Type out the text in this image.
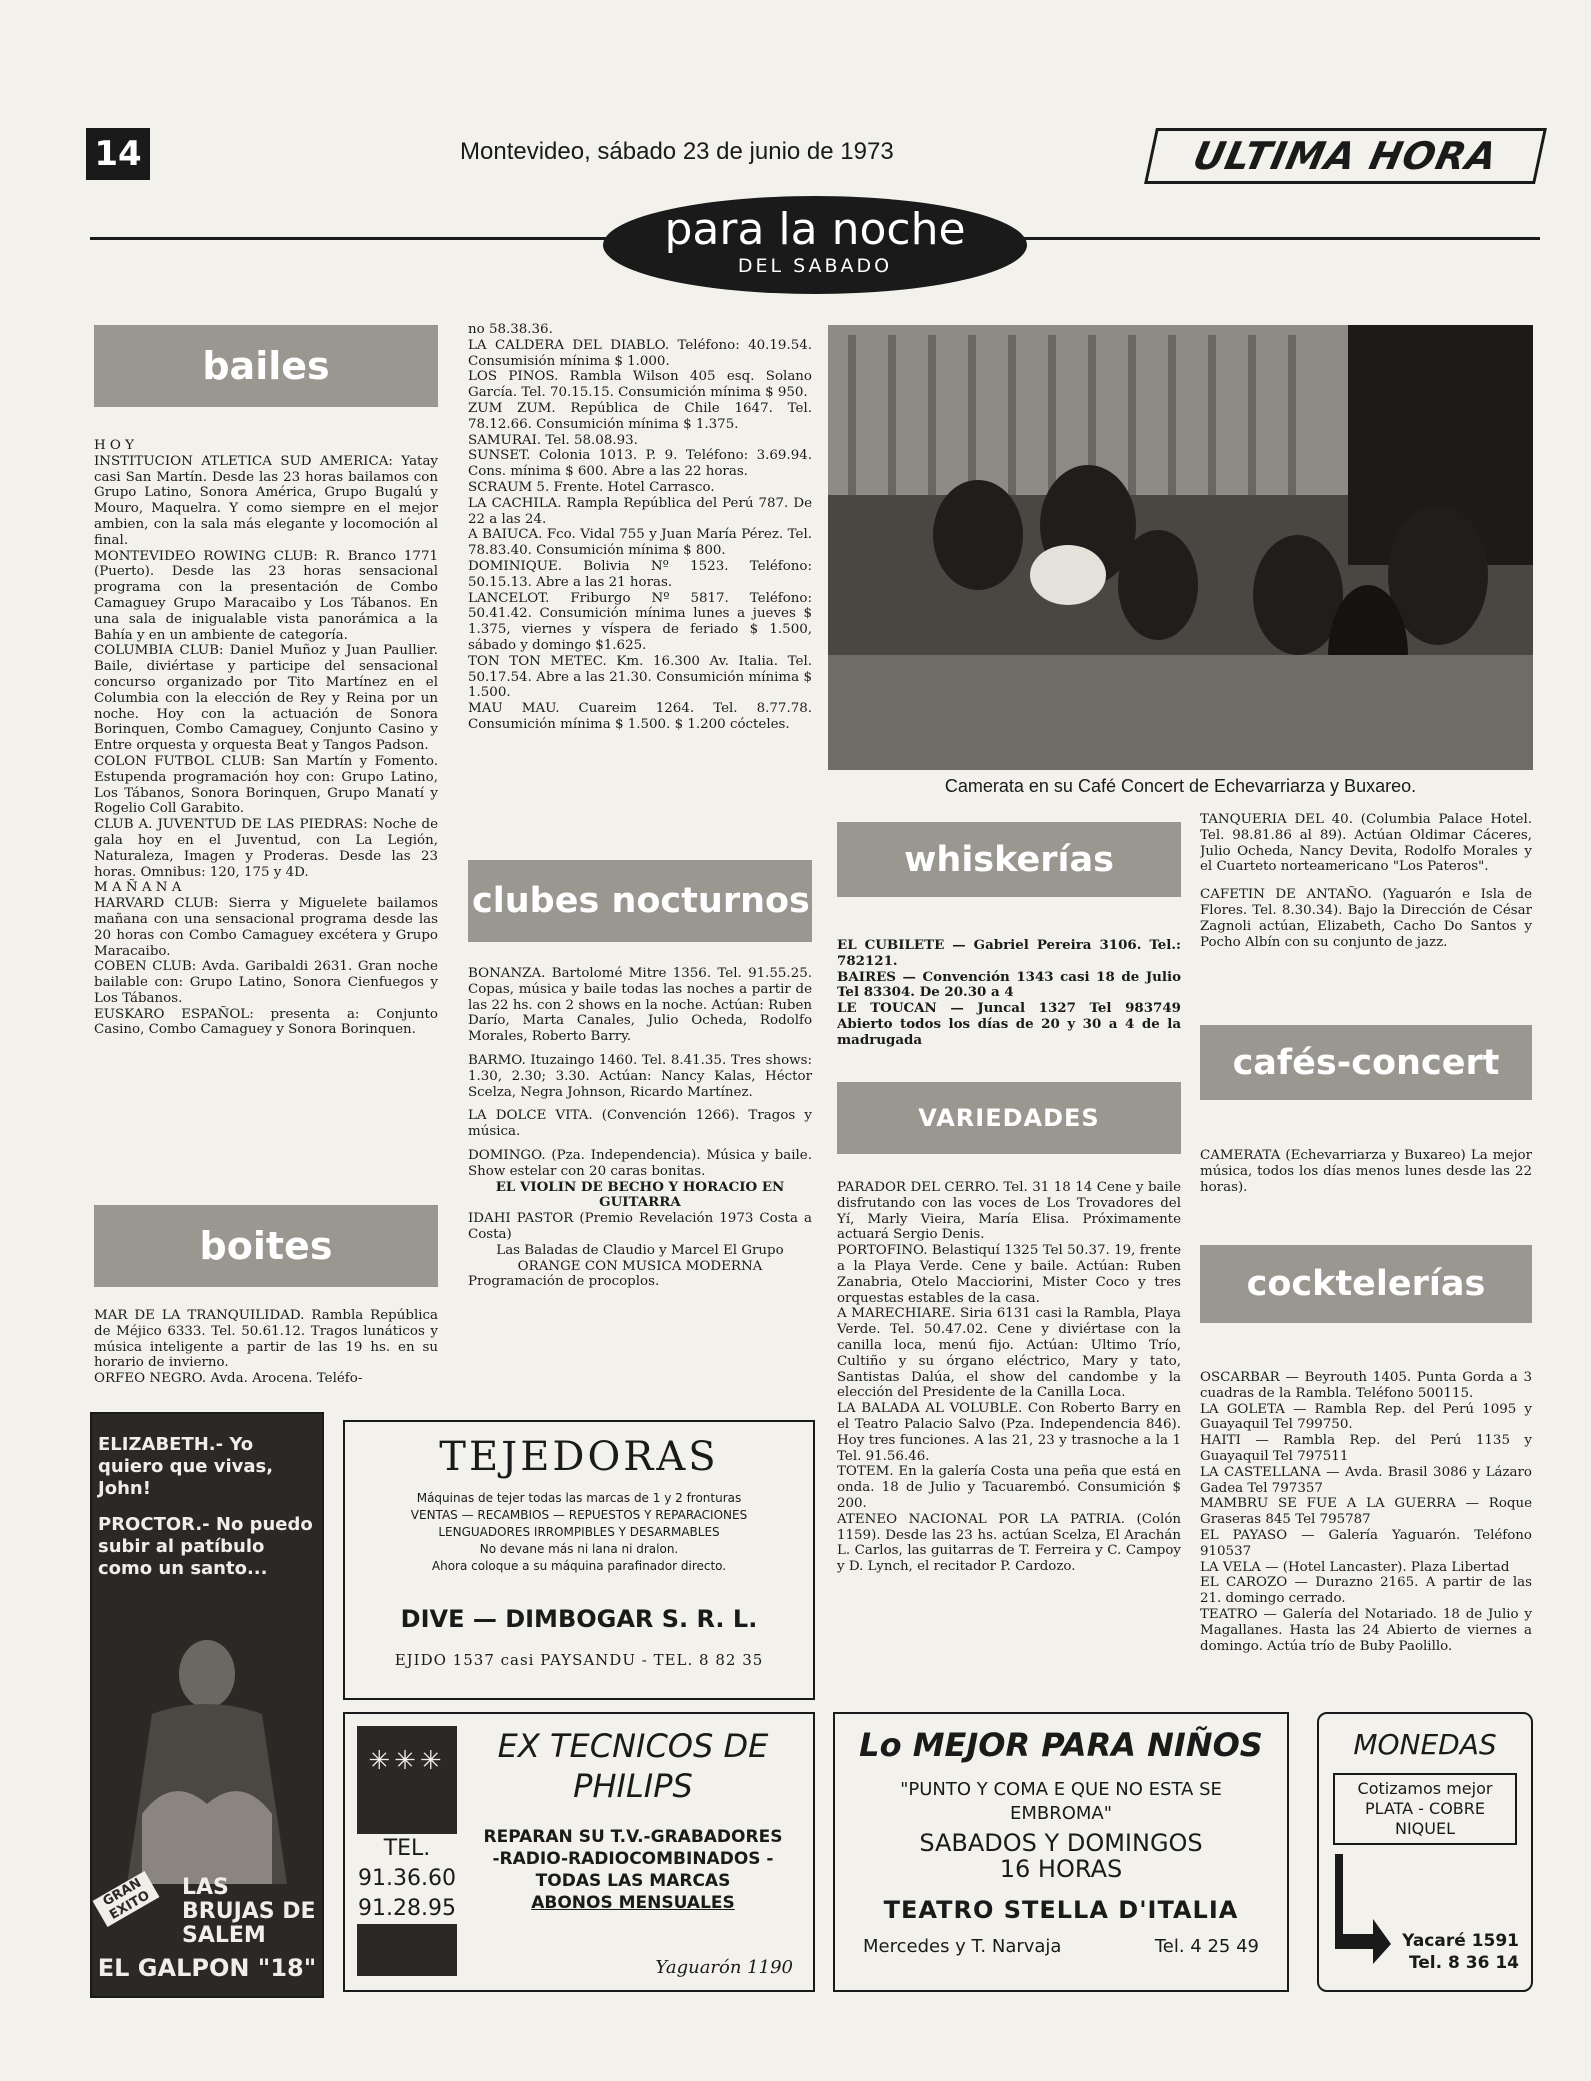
14	Montevideo, sábado 23 de junio de 1973	ULTIMA HORA
para la noche
DEL SABADO
bailes
boites
clubes nocturnos
whiskerías
VARIEDADES
cafés-concert
cocktelerías

H O Y

INSTITUCION ATLETICA SUD AMERICA: Yatay casi San Martín. Desde las 23 horas bailamos con Grupo Latino, Sonora América, Grupo Bugalú y Mouro, Maquelra. Y como siempre en el mejor ambien, con la sala más elegante y locomoción al final.

MONTEVIDEO ROWING CLUB: R. Branco 1771 (Puerto). Desde las 23 horas sensacional programa con la presentación de Combo Camaguey Grupo Maracaibo y Los Tábanos. En una sala de inigualable vista panorámica a la Bahía y en un ambiente de categoría.

COLUMBIA CLUB: Daniel Muñoz y Juan Paullier. Baile, diviértase y participe del sensacional concurso organizado por Tito Martínez en el Columbia con la elección de Rey y Reina por un noche. Hoy con la actuación de Sonora Borinquen, Combo Camaguey, Conjunto Casino y Entre orquesta y orquesta Beat y Tangos Padson.

COLON FUTBOL CLUB: San Martín y Fomento. Estupenda programación hoy con: Grupo Latino, Los Tábanos, Sonora Borinquen, Grupo Manatí y Rogelio Coll Garabito.

CLUB A. JUVENTUD DE LAS PIEDRAS: Noche de gala hoy en el Juventud, con La Legión, Naturaleza, Imagen y Proderas. Desde las 23 horas. Omnibus: 120, 175 y 4D.

M A Ñ A N A

HARVARD CLUB: Sierra y Miguelete bailamos mañana con una sensacional programa desde las 20 horas con Combo Camaguey excétera y Grupo Maracaibo.

COBEN CLUB: Avda. Garibaldi 2631. Gran noche bailable con: Grupo Latino, Sonora Cienfuegos y Los Tábanos.

EUSKARO ESPAÑOL: presenta a: Conjunto Casino, Combo Camaguey y Sonora Borinquen.

MAR DE LA TRANQUILIDAD. Rambla República de Méjico 6333. Tel. 50.61.12. Tragos lunáticos y música inteligente a partir de las 19 hs. en su horario de invierno.

ORFEO NEGRO. Avda. Arocena. Teléfo-

no 58.38.36.

LA CALDERA DEL DIABLO. Teléfono: 40.19.54. Consumisión mínima $ 1.000.

LOS PINOS. Rambla Wilson 405 esq. Solano García. Tel. 70.15.15. Consumición mínima $ 950.

ZUM ZUM. República de Chile 1647. Tel. 78.12.66. Consumición mínima $ 1.375.

SAMURAI. Tel. 58.08.93.

SUNSET. Colonia 1013. P. 9. Teléfono: 3.69.94. Cons. mínima $ 600. Abre a las 22 horas.

SCRAUM 5. Frente. Hotel Carrasco.

LA CACHILA. Rampla República del Perú 787. De 22 a las 24.

A BAIUCA. Fco. Vidal 755 y Juan María Pérez. Tel. 78.83.40. Consumición mínima $ 800.

DOMINIQUE. Bolivia Nº 1523. Teléfono: 50.15.13. Abre a las 21 horas.

LANCELOT. Friburgo Nº 5817. Teléfono: 50.41.42. Consumición mínima lunes a jueves $ 1.375, viernes y víspera de feriado $ 1.500, sábado y domingo $1.625.

TON TON METEC. Km. 16.300 Av. Italia. Tel. 50.17.54. Abre a las 21.30. Consumición mínima $ 1.500.

MAU MAU. Cuareim 1264. Tel. 8.77.78. Consumición mínima $ 1.500. $ 1.200 cócteles.

BONANZA. Bartolomé Mitre 1356. Tel. 91.55.25. Copas, música y baile todas las noches a partir de las 22 hs. con 2 shows en la noche. Actúan: Ruben Darío, Marta Canales, Julio Ocheda, Rodolfo Morales, Roberto Barry.

BARMO. Ituzaingo 1460. Tel. 8.41.35. Tres shows: 1.30, 2.30; 3.30. Actúan: Nancy Kalas, Héctor Scelza, Negra Johnson, Ricardo Martínez.

LA DOLCE VITA. (Convención 1266). Tragos y música.

DOMINGO. (Pza. Independencia). Música y baile. Show estelar con 20 caras bonitas.

EL VIOLIN DE BECHO Y HORACIO EN GUITARRA

IDAHI PASTOR (Premio Revelación 1973 Costa a Costa)

Las Baladas de Claudio y Marcel El Grupo ORANGE CON MUSICA MODERNA

Programación de procoplos.

Camerata en su Café Concert de Echevarriarza y Buxareo.

EL CUBILETE — Gabriel Pereira 3106. Tel.: 782121.

BAIRES — Convención 1343 casi 18 de Julio Tel 83304. De 20.30 a 4

LE TOUCAN — Juncal 1327 Tel 983749 Abierto todos los días de 20 y 30 a 4 de la madrugada

PARADOR DEL CERRO. Tel. 31 18 14 Cene y baile disfrutando con las voces de Los Trovadores del Yí, Marly Vieira, María Elisa. Próximamente actuará Sergio Denis.

PORTOFINO. Belastiquí 1325 Tel 50.37. 19, frente a la Playa Verde. Cene y baile. Actúan: Ruben Zanabria, Otelo Macciorini, Mister Coco y tres orquestas estables de la casa.

A MARECHIARE. Siria 6131 casi la Rambla, Playa Verde. Tel. 50.47.02. Cene y diviértase con la canilla loca, menú fijo. Actúan: Ultimo Trío, Cultiño y su órgano eléctrico, Mary y tato, Santistas Dalúa, el show del candombe y la elección del Presidente de la Canilla Loca.

LA BALADA AL VOLUBLE. Con Roberto Barry en el Teatro Palacio Salvo (Pza. Independencia 846). Hoy tres funciones. A las 21, 23 y trasnoche a la 1 Tel. 91.56.46.

TOTEM. En la galería Costa una peña que está en onda. 18 de Julio y Tacuarembó. Consumición $ 200.

ATENEO NACIONAL POR LA PATRIA. (Colón 1159). Desde las 23 hs. actúan Scelza, El Arachán L. Carlos, las guitarras de T. Ferreira y C. Campoy y D. Lynch, el recitador P. Cardozo.

TANQUERIA DEL 40. (Columbia Palace Hotel. Tel. 98.81.86 al 89). Actúan Oldimar Cáceres, Julio Ocheda, Nancy Devita, Rodolfo Morales y el Cuarteto norteamericano "Los Pateros".

CAFETIN DE ANTAÑO. (Yaguarón e Isla de Flores. Tel. 8.30.34). Bajo la Dirección de César Zagnoli actúan, Elizabeth, Cacho Do Santos y Pocho Albín con su conjunto de jazz.

CAMERATA (Echevarriarza y Buxareo) La mejor música, todos los días menos lunes desde las 22 horas).

OSCARBAR — Beyrouth 1405. Punta Gorda a 3 cuadras de la Rambla. Teléfono 500115.

LA GOLETA — Rambla Rep. del Perú 1095 y Guayaquil Tel 799750.

HAITI — Rambla Rep. del Perú 1135 y Guayaquil Tel 797511

LA CASTELLANA — Avda. Brasil 3086 y Lázaro Gadea Tel 797357

MAMBRU SE FUE A LA GUERRA — Roque Graseras 845 Tel 795787

EL PAYASO — Galería Yaguarón. Teléfono 910537

LA VELA — (Hotel Lancaster). Plaza Libertad

EL CAROZO — Durazno 2165. A partir de las 21. domingo cerrado.

TEATRO — Galería del Notariado. 18 de Julio y Magallanes. Hasta las 24 Abierto de viernes a domingo. Actúa trío de Buby Paolillo.

ELIZABETH.- Yo quiero que vivas, John!
PROCTOR.- No puedo subir al patíbulo como un santo...
GRAN EXITO
LAS BRUJAS DE SALEM
EL GALPON "18"
TEJEDORAS
Máquinas de tejer todas las marcas de 1 y 2 fronturas
VENTAS — RECAMBIOS — REPUESTOS Y REPARACIONES
LENGUADORES IRROMPIBLES Y DESARMABLES
No devane más ni lana ni dralon.
Ahora coloque a su máquina parafinador directo.
DIVE — DIMBOGAR S. R. L.
EJIDO 1537 casi PAYSANDU - TEL. 8 82 35
✳✳✳	EX TECNICOS DE
PHILIPS
TEL.
91.36.60
91.28.95
REPARAN SU T.V.-GRABADORES
-RADIO-RADIOCOMBINADOS -
TODAS LAS MARCAS
ABONOS MENSUALES
Yaguarón 1190
Lo MEJOR PARA NIÑOS
"PUNTO Y COMA E QUE NO ESTA SE EMBROMA"
SABADOS Y DOMINGOS
16 HORAS
TEATRO STELLA D'ITALIA
Mercedes y T. Narvaja	Tel. 4 25 49
MONEDAS
Cotizamos mejor
PLATA - COBRE
NIQUEL
Yacaré 1591
Tel. 8 36 14
